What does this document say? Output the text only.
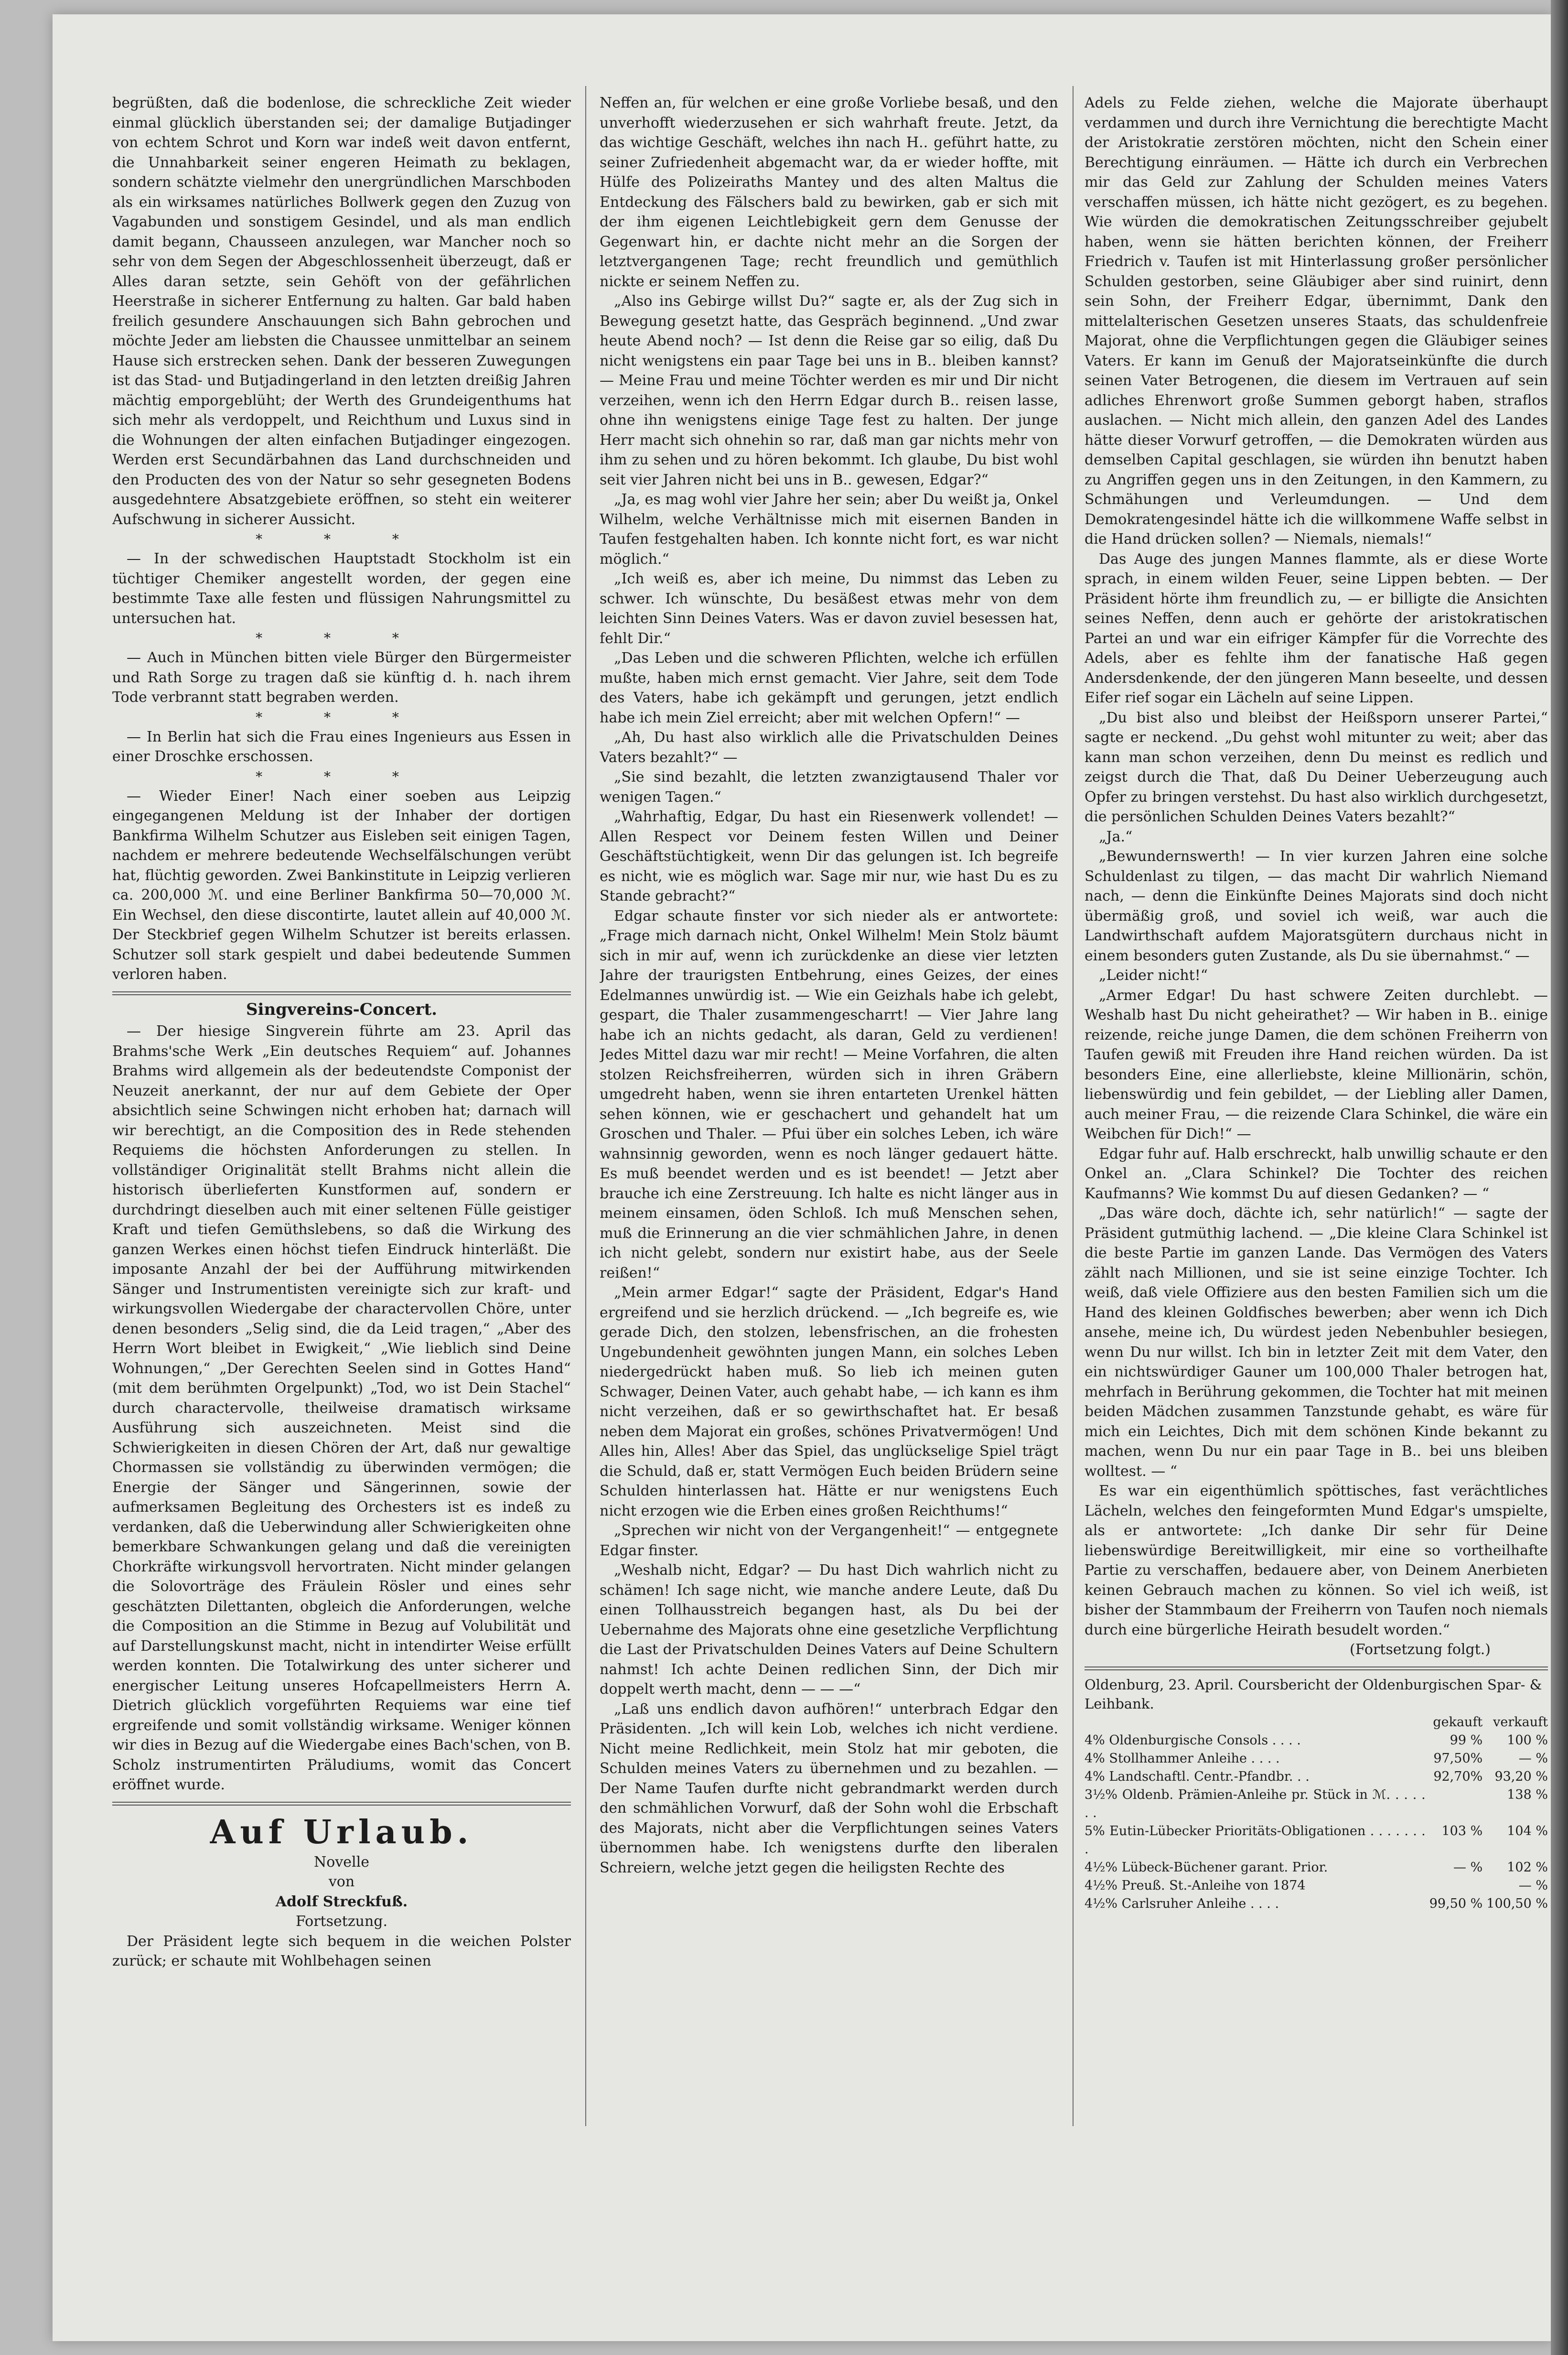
begrüßten, daß die bodenlose, die schreckliche Zeit wieder einmal glücklich überstanden sei; der damalige Butjadinger von echtem Schrot und Korn war indeß weit davon entfernt, die Unnahbarkeit seiner engeren Heimath zu beklagen, sondern schätzte vielmehr den unergründlichen Marschboden als ein wirksames natürliches Bollwerk gegen den Zuzug von Vagabunden und sonstigem Gesindel, und als man endlich damit begann, Chausseen anzulegen, war Mancher noch so sehr von dem Segen der Abgeschlossenheit überzeugt, daß er Alles daran setzte, sein Gehöft von der gefährlichen Heerstraße in sicherer Entfernung zu halten. Gar bald haben freilich gesundere Anschauungen sich Bahn gebrochen und möchte Jeder am liebsten die Chaussee unmittelbar an seinem Hause sich erstrecken sehen. Dank der besseren Zuwegungen ist das Stad- und Butjadingerland in den letzten dreißig Jahren mächtig emporgeblüht; der Werth des Grundeigenthums hat sich mehr als verdoppelt, und Reichthum und Luxus sind in die Wohnungen der alten einfachen Butjadinger eingezogen. Werden erst Secundärbahnen das Land durchschneiden und den Producten des von der Natur so sehr gesegneten Bodens ausgedehntere Absatzgebiete eröffnen, so steht ein weiterer Aufschwung in sicherer Aussicht.

* * *

— In der schwedischen Hauptstadt Stockholm ist ein tüchtiger Chemiker angestellt worden, der gegen eine bestimmte Taxe alle festen und flüssigen Nahrungsmittel zu untersuchen hat.

* * *

— Auch in München bitten viele Bürger den Bürgermeister und Rath Sorge zu tragen daß sie künftig d. h. nach ihrem Tode verbrannt statt begraben werden.

* * *

— In Berlin hat sich die Frau eines Ingenieurs aus Essen in einer Droschke erschossen.

* * *

— Wieder Einer! Nach einer soeben aus Leipzig eingegangenen Meldung ist der Inhaber der dortigen Bankfirma Wilhelm Schutzer aus Eisleben seit einigen Tagen, nachdem er mehrere bedeutende Wechselfälschungen verübt hat, flüchtig geworden. Zwei Bankinstitute in Leipzig verlieren ca. 200,000 ℳ. und eine Berliner Bankfirma 50—70,000 ℳ. Ein Wechsel, den diese discontirte, lautet allein auf 40,000 ℳ. Der Steckbrief gegen Wilhelm Schutzer ist bereits erlassen. Schutzer soll stark gespielt und dabei bedeutende Summen verloren haben.

Singvereins-Concert.

— Der hiesige Singverein führte am 23. April das Brahms'sche Werk „Ein deutsches Requiem“ auf. Johannes Brahms wird allgemein als der bedeutendste Componist der Neuzeit anerkannt, der nur auf dem Gebiete der Oper absichtlich seine Schwingen nicht erhoben hat; darnach will wir berechtigt, an die Composition des in Rede stehenden Requiems die höchsten Anforderungen zu stellen. In vollständiger Originalität stellt Brahms nicht allein die historisch überlieferten Kunstformen auf, sondern er durchdringt dieselben auch mit einer seltenen Fülle geistiger Kraft und tiefen Gemüthslebens, so daß die Wirkung des ganzen Werkes einen höchst tiefen Eindruck hinterläßt. Die imposante Anzahl der bei der Aufführung mitwirkenden Sänger und Instrumentisten vereinigte sich zur kraft- und wirkungsvollen Wiedergabe der charactervollen Chöre, unter denen besonders „Selig sind, die da Leid tragen,“ „Aber des Herrn Wort bleibet in Ewigkeit,“ „Wie lieblich sind Deine Wohnungen,“ „Der Gerechten Seelen sind in Gottes Hand“ (mit dem berühmten Orgelpunkt) „Tod, wo ist Dein Stachel“ durch charactervolle, theilweise dramatisch wirksame Ausführung sich auszeichneten. Meist sind die Schwierigkeiten in diesen Chören der Art, daß nur gewaltige Chormassen sie vollständig zu überwinden vermögen; die Energie der Sänger und Sängerinnen, sowie der aufmerksamen Begleitung des Orchesters ist es indeß zu verdanken, daß die Ueberwindung aller Schwierigkeiten ohne bemerkbare Schwankungen gelang und daß die vereinigten Chorkräfte wirkungsvoll hervortraten. Nicht minder gelangen die Solovorträge des Fräulein Rösler und eines sehr geschätzten Dilettanten, obgleich die Anforderungen, welche die Composition an die Stimme in Bezug auf Volubilität und auf Darstellungskunst macht, nicht in intendirter Weise erfüllt werden konnten. Die Totalwirkung des unter sicherer und energischer Leitung unseres Hofcapellmeisters Herrn A. Dietrich glücklich vorgeführten Requiems war eine tief ergreifende und somit vollständig wirksame. Weniger können wir dies in Bezug auf die Wiedergabe eines Bach'schen, von B. Scholz instrumentirten Präludiums, womit das Concert eröffnet wurde.

Auf Urlaub.

Novelle

von

Adolf Streckfuß.

Fortsetzung.

Der Präsident legte sich bequem in die weichen Polster zurück; er schaute mit Wohlbehagen seinen

Neffen an, für welchen er eine große Vorliebe besaß, und den unverhofft wiederzusehen er sich wahrhaft freute. Jetzt, da das wichtige Geschäft, welches ihn nach H.. geführt hatte, zu seiner Zufriedenheit abgemacht war, da er wieder hoffte, mit Hülfe des Polizeiraths Mantey und des alten Maltus die Entdeckung des Fälschers bald zu bewirken, gab er sich mit der ihm eigenen Leichtlebigkeit gern dem Genusse der Gegenwart hin, er dachte nicht mehr an die Sorgen der letztvergangenen Tage; recht freundlich und gemüthlich nickte er seinem Neffen zu.

„Also ins Gebirge willst Du?“ sagte er, als der Zug sich in Bewegung gesetzt hatte, das Gespräch beginnend. „Und zwar heute Abend noch? — Ist denn die Reise gar so eilig, daß Du nicht wenigstens ein paar Tage bei uns in B.. bleiben kannst? — Meine Frau und meine Töchter werden es mir und Dir nicht verzeihen, wenn ich den Herrn Edgar durch B.. reisen lasse, ohne ihn wenigstens einige Tage fest zu halten. Der junge Herr macht sich ohnehin so rar, daß man gar nichts mehr von ihm zu sehen und zu hören bekommt. Ich glaube, Du bist wohl seit vier Jahren nicht bei uns in B.. gewesen, Edgar?“

„Ja, es mag wohl vier Jahre her sein; aber Du weißt ja, Onkel Wilhelm, welche Verhältnisse mich mit eisernen Banden in Taufen festgehalten haben. Ich konnte nicht fort, es war nicht möglich.“

„Ich weiß es, aber ich meine, Du nimmst das Leben zu schwer. Ich wünschte, Du besäßest etwas mehr von dem leichten Sinn Deines Vaters. Was er davon zuviel besessen hat, fehlt Dir.“

„Das Leben und die schweren Pflichten, welche ich erfüllen mußte, haben mich ernst gemacht. Vier Jahre, seit dem Tode des Vaters, habe ich gekämpft und gerungen, jetzt endlich habe ich mein Ziel erreicht; aber mit welchen Opfern!“ —

„Ah, Du hast also wirklich alle die Privatschulden Deines Vaters bezahlt?“ —

„Sie sind bezahlt, die letzten zwanzigtausend Thaler vor wenigen Tagen.“

„Wahrhaftig, Edgar, Du hast ein Riesenwerk vollendet! — Allen Respect vor Deinem festen Willen und Deiner Geschäftstüchtigkeit, wenn Dir das gelungen ist. Ich begreife es nicht, wie es möglich war. Sage mir nur, wie hast Du es zu Stande gebracht?“

Edgar schaute finster vor sich nieder als er antwortete: „Frage mich darnach nicht, Onkel Wilhelm! Mein Stolz bäumt sich in mir auf, wenn ich zurückdenke an diese vier letzten Jahre der traurigsten Entbehrung, eines Geizes, der eines Edelmannes unwürdig ist. — Wie ein Geizhals habe ich gelebt, gespart, die Thaler zusammengescharrt! — Vier Jahre lang habe ich an nichts gedacht, als daran, Geld zu verdienen! Jedes Mittel dazu war mir recht! — Meine Vorfahren, die alten stolzen Reichsfreiherren, würden sich in ihren Gräbern umgedreht haben, wenn sie ihren entarteten Urenkel hätten sehen können, wie er geschachert und gehandelt hat um Groschen und Thaler. — Pfui über ein solches Leben, ich wäre wahnsinnig geworden, wenn es noch länger gedauert hätte. Es muß beendet werden und es ist beendet! — Jetzt aber brauche ich eine Zerstreuung. Ich halte es nicht länger aus in meinem einsamen, öden Schloß. Ich muß Menschen sehen, muß die Erinnerung an die vier schmählichen Jahre, in denen ich nicht gelebt, sondern nur existirt habe, aus der Seele reißen!“

„Mein armer Edgar!“ sagte der Präsident, Edgar's Hand ergreifend und sie herzlich drückend. — „Ich begreife es, wie gerade Dich, den stolzen, lebensfrischen, an die frohesten Ungebundenheit gewöhnten jungen Mann, ein solches Leben niedergedrückt haben muß. So lieb ich meinen guten Schwager, Deinen Vater, auch gehabt habe, — ich kann es ihm nicht verzeihen, daß er so gewirthschaftet hat. Er besaß neben dem Majorat ein großes, schönes Privatvermögen! Und Alles hin, Alles! Aber das Spiel, das unglückselige Spiel trägt die Schuld, daß er, statt Vermögen Euch beiden Brüdern seine Schulden hinterlassen hat. Hätte er nur wenigstens Euch nicht erzogen wie die Erben eines großen Reichthums!“

„Sprechen wir nicht von der Vergangenheit!“ — entgegnete Edgar finster.

„Weshalb nicht, Edgar? — Du hast Dich wahrlich nicht zu schämen! Ich sage nicht, wie manche andere Leute, daß Du einen Tollhausstreich begangen hast, als Du bei der Uebernahme des Majorats ohne eine gesetzliche Verpflichtung die Last der Privatschulden Deines Vaters auf Deine Schultern nahmst! Ich achte Deinen redlichen Sinn, der Dich mir doppelt werth macht, denn — — —“

„Laß uns endlich davon aufhören!“ unterbrach Edgar den Präsidenten. „Ich will kein Lob, welches ich nicht verdiene. Nicht meine Redlichkeit, mein Stolz hat mir geboten, die Schulden meines Vaters zu übernehmen und zu bezahlen. — Der Name Taufen durfte nicht gebrandmarkt werden durch den schmählichen Vorwurf, daß der Sohn wohl die Erbschaft des Majorats, nicht aber die Verpflichtungen seines Vaters übernommen habe. Ich wenigstens durfte den liberalen Schreiern, welche jetzt gegen die heiligsten Rechte des

Adels zu Felde ziehen, welche die Majorate überhaupt verdammen und durch ihre Vernichtung die berechtigte Macht der Aristokratie zerstören möchten, nicht den Schein einer Berechtigung einräumen. — Hätte ich durch ein Verbrechen mir das Geld zur Zahlung der Schulden meines Vaters verschaffen müssen, ich hätte nicht gezögert, es zu begehen. Wie würden die demokratischen Zeitungsschreiber gejubelt haben, wenn sie hätten berichten können, der Freiherr Friedrich v. Taufen ist mit Hinterlassung großer persönlicher Schulden gestorben, seine Gläubiger aber sind ruinirt, denn sein Sohn, der Freiherr Edgar, übernimmt, Dank den mittelalterischen Gesetzen unseres Staats, das schuldenfreie Majorat, ohne die Verpflichtungen gegen die Gläubiger seines Vaters. Er kann im Genuß der Majoratseinkünfte die durch seinen Vater Betrogenen, die diesem im Vertrauen auf sein adliches Ehrenwort große Summen geborgt haben, straflos auslachen. — Nicht mich allein, den ganzen Adel des Landes hätte dieser Vorwurf getroffen, — die Demokraten würden aus demselben Capital geschlagen, sie würden ihn benutzt haben zu Angriffen gegen uns in den Zeitungen, in den Kammern, zu Schmähungen und Verleumdungen. — Und dem Demokratengesindel hätte ich die willkommene Waffe selbst in die Hand drücken sollen? — Niemals, niemals!“

Das Auge des jungen Mannes flammte, als er diese Worte sprach, in einem wilden Feuer, seine Lippen bebten. — Der Präsident hörte ihm freundlich zu, — er billigte die Ansichten seines Neffen, denn auch er gehörte der aristokratischen Partei an und war ein eifriger Kämpfer für die Vorrechte des Adels, aber es fehlte ihm der fanatische Haß gegen Andersdenkende, der den jüngeren Mann beseelte, und dessen Eifer rief sogar ein Lächeln auf seine Lippen.

„Du bist also und bleibst der Heißsporn unserer Partei,“ sagte er neckend. „Du gehst wohl mitunter zu weit; aber das kann man schon verzeihen, denn Du meinst es redlich und zeigst durch die That, daß Du Deiner Ueberzeugung auch Opfer zu bringen verstehst. Du hast also wirklich durchgesetzt, die persönlichen Schulden Deines Vaters bezahlt?“

„Ja.“

„Bewundernswerth! — In vier kurzen Jahren eine solche Schuldenlast zu tilgen, — das macht Dir wahrlich Niemand nach, — denn die Einkünfte Deines Majorats sind doch nicht übermäßig groß, und soviel ich weiß, war auch die Landwirthschaft aufdem Majoratsgütern durchaus nicht in einem besonders guten Zustande, als Du sie übernahmst.“ —

„Leider nicht!“

„Armer Edgar! Du hast schwere Zeiten durchlebt. — Weshalb hast Du nicht geheirathet? — Wir haben in B.. einige reizende, reiche junge Damen, die dem schönen Freiherrn von Taufen gewiß mit Freuden ihre Hand reichen würden. Da ist besonders Eine, eine allerliebste, kleine Millionärin, schön, liebenswürdig und fein gebildet, — der Liebling aller Damen, auch meiner Frau, — die reizende Clara Schinkel, die wäre ein Weibchen für Dich!“ —

Edgar fuhr auf. Halb erschreckt, halb unwillig schaute er den Onkel an. „Clara Schinkel? Die Tochter des reichen Kaufmanns? Wie kommst Du auf diesen Gedanken? — “

„Das wäre doch, dächte ich, sehr natürlich!“ — sagte der Präsident gutmüthig lachend. — „Die kleine Clara Schinkel ist die beste Partie im ganzen Lande. Das Vermögen des Vaters zählt nach Millionen, und sie ist seine einzige Tochter. Ich weiß, daß viele Offiziere aus den besten Familien sich um die Hand des kleinen Goldfisches bewerben; aber wenn ich Dich ansehe, meine ich, Du würdest jeden Nebenbuhler besiegen, wenn Du nur willst. Ich bin in letzter Zeit mit dem Vater, den ein nichtswürdiger Gauner um 100,000 Thaler betrogen hat, mehrfach in Berührung gekommen, die Tochter hat mit meinen beiden Mädchen zusammen Tanzstunde gehabt, es wäre für mich ein Leichtes, Dich mit dem schönen Kinde bekannt zu machen, wenn Du nur ein paar Tage in B.. bei uns bleiben wolltest. — “

Es war ein eigenthümlich spöttisches, fast verächtliches Lächeln, welches den feingeformten Mund Edgar's umspielte, als er antwortete: „Ich danke Dir sehr für Deine liebenswürdige Bereitwilligkeit, mir eine so vortheilhafte Partie zu verschaffen, bedauere aber, von Deinem Anerbieten keinen Gebrauch machen zu können. So viel ich weiß, ist bisher der Stammbaum der Freiherrn von Taufen noch niemals durch eine bürgerliche Heirath besudelt worden.“

(Fortsetzung folgt.)

Oldenburg, 23. April. Coursbericht der Oldenburgischen Spar- & Leihbank.

	gekauft	verkauft
4% Oldenburgische Consols . . . .	99 %	100 %
4% Stollhammer Anleihe . . . .	97,50%	— %
4% Landschaftl. Centr.-Pfandbr. . .	92,70%	93,20 %
3½% Oldenb. Prämien-Anleihe pr. Stück in ℳ. . . . . . .		138 %
5% Eutin-Lübecker Prioritäts-Obligationen . . . . . . . .	103 %	104 %
4½% Lübeck-Büchener garant. Prior.	— %	102 %
4½% Preuß. St.-Anleihe von 1874		— %
4½% Carlsruher Anleihe . . . .	99,50 %	100,50 %
